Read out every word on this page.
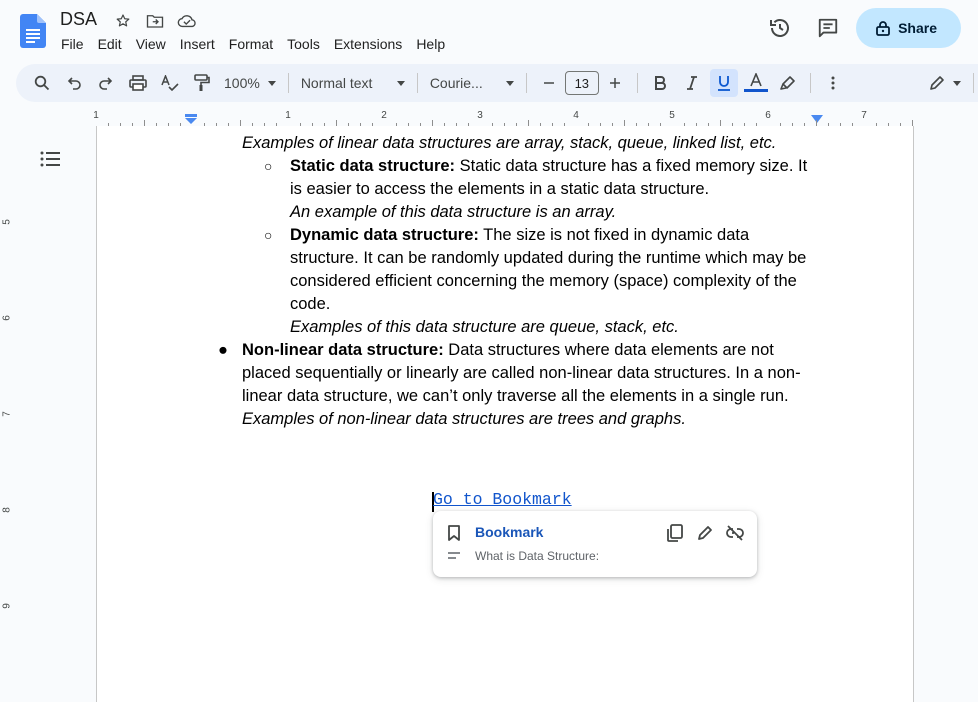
DSA
File	Edit	View	Insert	Format	Tools	Extensions	Help
Share
100%	Normal text	Courie...	13
1	1	2	3	4	5	6	7
5
6
7
8
9

Examples of linear data structures are array, stack, queue, linked list, etc.

○ Static data structure: Static data structure has a fixed memory size. It is easier to access the elements in a static data structure.

An example of this data structure is an array.

○ Dynamic data structure: The size is not fixed in dynamic data structure. It can be randomly updated during the runtime which may be considered efficient concerning the memory (space) complexity of the code.

Examples of this data structure are queue, stack, etc.

● Non-linear data structure: Data structures where data elements are not placed sequentially or linearly are called non-linear data structures. In a non-linear data structure, we can’t only traverse all the elements in a single run.

Examples of non-linear data structures are trees and graphs.

Go to Bookmark
Bookmark
What is Data Structure:
